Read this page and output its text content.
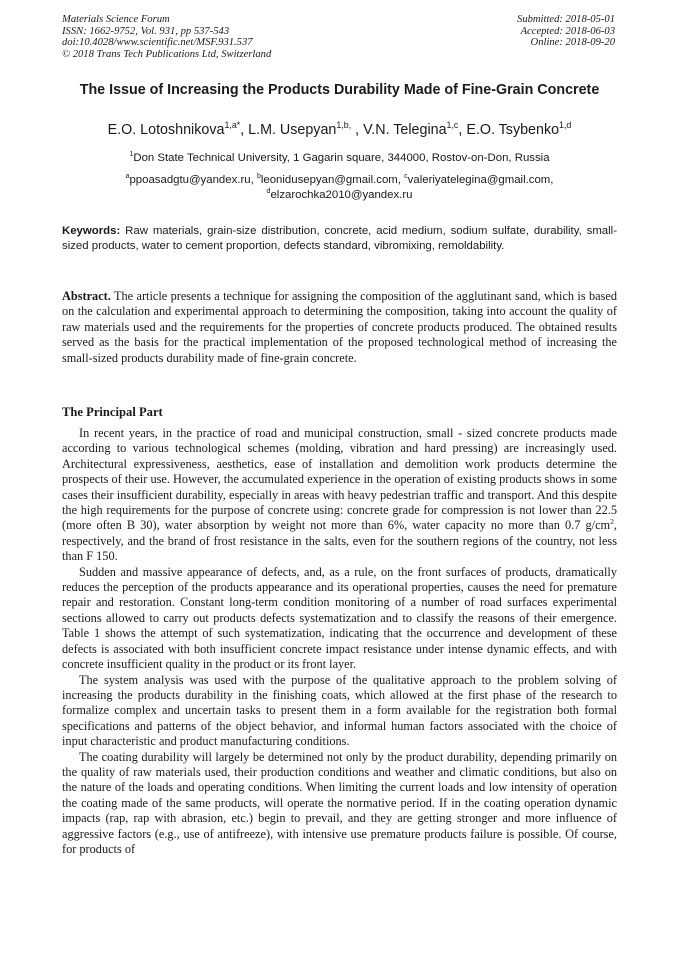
Materials Science Forum
ISSN: 1662-9752, Vol. 931, pp 537-543
doi:10.4028/www.scientific.net/MSF.931.537
© 2018 Trans Tech Publications Ltd, Switzerland
Submitted: 2018-05-01
Accepted: 2018-06-03
Online: 2018-09-20
The Issue of Increasing the Products Durability Made of Fine-Grain Concrete
E.O. Lotoshnikova$^{1,a*}$ , L.M. Usepyan$^{1,b,}$ , V.N. Telegina$^{1,c}$ , E.O. Tsybenko$^{1,d}$
$^1$Don State Technical University, 1 Gagarin square, 344000, Rostov-on-Don, Russia
$^a$ppoasadgtu@yandex.ru, $^b$leonidusepyan@gmail.com, $^c$valeriyatelegina@gmail.com,
$^d$elzarochka2010@yandex.ru
Keywords: Raw materials, grain-size distribution, concrete, acid medium, sodium sulfate, durability, small-sized products, water to cement proportion, defects standard, vibromixing, remoldability.
Abstract. The article presents a technique for assigning the composition of the agglutinant sand, which is based on the calculation and experimental approach to determining the composition, taking into account the quality of raw materials used and the requirements for the properties of concrete products produced. The obtained results served as the basis for the practical implementation of the proposed technological method of increasing the small-sized products durability made of fine-grain concrete.
The Principal Part

In recent years, in the practice of road and municipal construction, small - sized concrete products made according to various technological schemes (molding, vibration and hard pressing) are increasingly used. Architectural expressiveness, aesthetics, ease of installation and demolition work products determine the prospects of their use. However, the accumulated experience in the operation of existing products shows in some cases their insufficient durability, especially in areas with heavy pedestrian traffic and transport. And this despite the high requirements for the purpose of concrete using: concrete grade for compression is not lower than 22.5 (more often B 30), water absorption by weight not more than 6%, water capacity no more than 0.7 $g/cm^2$, respectively, and the brand of frost resistance in the salts, even for the southern regions of the country, not less than F 150.

Sudden and massive appearance of defects, and, as a rule, on the front surfaces of products, dramatically reduces the perception of the products appearance and its operational properties, causes the need for premature repair and restoration. Constant long-term condition monitoring of a number of road surfaces experimental sections allowed to carry out products defects systematization and to classify the reasons of their emergence. Table 1 shows the attempt of such systematization, indicating that the occurrence and development of these defects is associated with both insufficient concrete impact resistance under intense dynamic effects, and with concrete insufficient quality in the product or its front layer.

The system analysis was used with the purpose of the qualitative approach to the problem solving of increasing the products durability in the finishing coats, which allowed at the first phase of the research to formalize complex and uncertain tasks to present them in a form available for the registration both formal specifications and patterns of the object behavior, and informal human factors associated with the choice of input characteristic and product manufacturing conditions.

The coating durability will largely be determined not only by the product durability, depending primarily on the quality of raw materials used, their production conditions and weather and climatic conditions, but also on the nature of the loads and operating conditions. When limiting the current loads and low intensity of operation the coating made of the same products, will operate the normative period. If in the coating operation dynamic impacts (rap, rap with abrasion, etc.) begin to prevail, and they are getting stronger and more influence of aggressive factors (e.g., use of antifreeze), with intensive use premature products failure is possible. Of course, for products of
